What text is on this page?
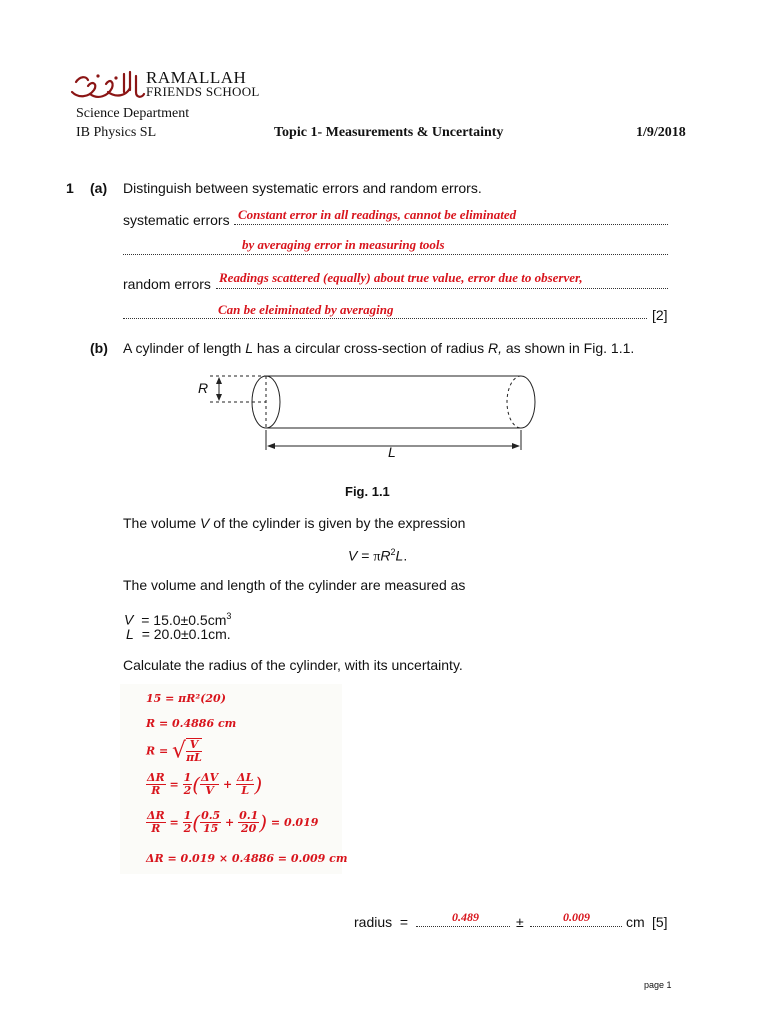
RAMALLAH
FRIENDS SCHOOL
Science Department
IB Physics SL	Topic 1- Measurements & Uncertainty	1/9/2018
1 (a) Distinguish between systematic errors and random errors.
systematic errors Constant error in all readings, cannot be eliminated
by averaging error in measuring tools
random errors Readings scattered (equally) about true value, error due to observer,
Can be eleiminated by averaging	[2]
(b) A cylinder of length L has a circular cross-section of radius R, as shown in Fig. 1.1.
R
L
Fig. 1.1
The volume V of the cylinder is given by the expression
$V = \pi R^2L$.
The volume and length of the cylinder are measured as
$V = 15.0\pm 0.5cm^3$
L = 20.0±0.1cm.
Calculate the radius of the cylinder, with its uncertainty.
15 = πR²(20)
R = 0.4886 cm
R = √ $\frac{V}{\pi L}$
$\frac{\Delta R}{R} = \frac{1}{2}$ ( $\frac{\Delta V}{V} + \frac{\Delta L}{L}$ )
$\frac{\Delta R}{R} = \frac{1}{2}$ ( $\frac{0.5}{15} + \frac{0.1}{20}$ ) = 0.019
ΔR = 0.019 × 0.4886 = 0.009 cm
radius  =	0.489	±	0.009	cm [5]
page 1
